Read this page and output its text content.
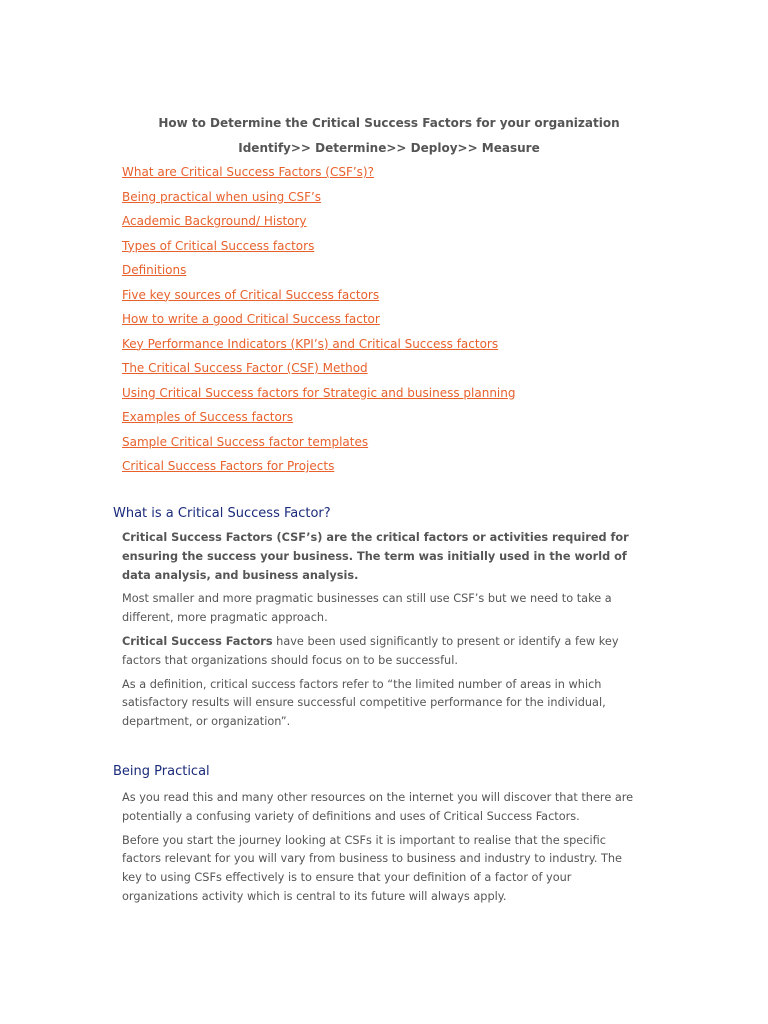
How to Determine the Critical Success Factors for your organization
Identify>> Determine>> Deploy>> Measure
What are Critical Success Factors (CSF’s)?
Being practical when using CSF’s
Academic Background/ History
Types of Critical Success factors
Definitions
Five key sources of Critical Success factors
How to write a good Critical Success factor
Key Performance Indicators (KPI’s) and Critical Success factors
The Critical Success Factor (CSF) Method
Using Critical Success factors for Strategic and business planning
Examples of Success factors
Sample Critical Success factor templates
Critical Success Factors for Projects
What is a Critical Success Factor?

Critical Success Factors (CSF’s) are the critical factors or activities required for ensuring the success your business. The term was initially used in the world of data analysis, and business analysis.

Most smaller and more pragmatic businesses can still use CSF’s but we need to take a different, more pragmatic approach.

Critical Success Factors have been used significantly to present or identify a few key factors that organizations should focus on to be successful.

As a definition, critical success factors refer to “the limited number of areas in which satisfactory results will ensure successful competitive performance for the individual, department, or organization”.

Being Practical

As you read this and many other resources on the internet you will discover that there are potentially a confusing variety of definitions and uses of Critical Success Factors.

Before you start the journey looking at CSFs it is important to realise that the specific factors relevant for you will vary from business to business and industry to industry. The key to using CSFs effectively is to ensure that your definition of a factor of your organizations activity which is central to its future will always apply.
